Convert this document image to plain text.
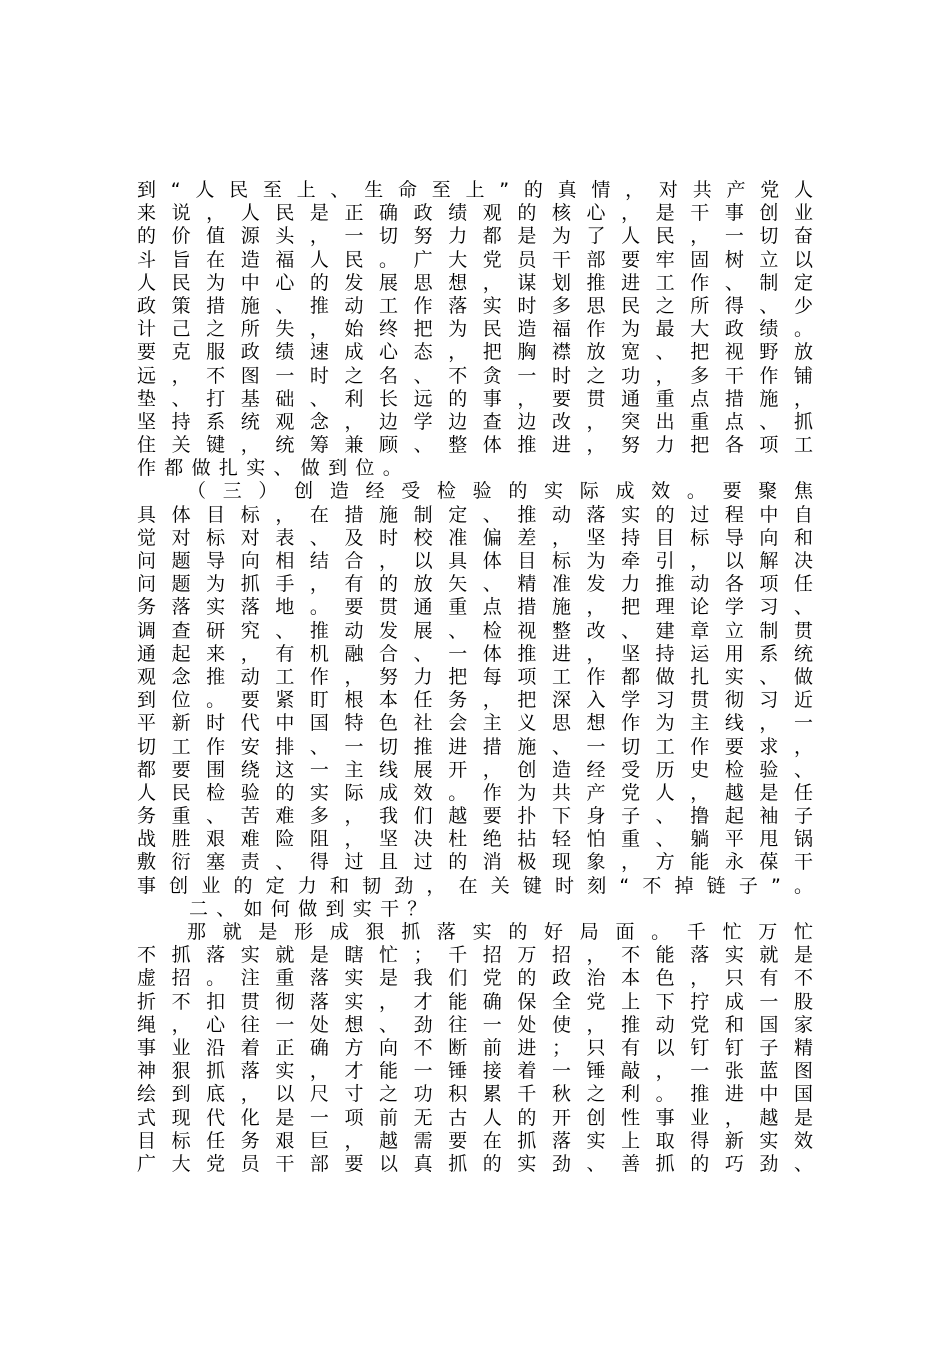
到“人民至上、生命至上”的真情，对共产党人
来说，人民是正确政绩观的核心，是干事创业
的价值源头，一切努力都是为了人民，一切奋
斗旨在造福人民。广大党员干部要牢固树立以
人民为中心的发展思想，谋划推进工作、制定
政策措施、推动工作落实时多思民之所得、少
计己之所失，始终把为民造福作为最大政绩。
要克服政绩速成心态，把胸襟放宽、把视野放
远，不图一时之名、不贪一时之功，多干作铺
垫、打基础、利长远的事，要贯通重点措施，
坚持系统观念，边学边查边改，突出重点、抓
住关键，统筹兼顾、整体推进，努力把各项工
作都做扎实、做到位。
（三）创造经受检验的实际成效。要聚焦
具体目标，在措施制定、推动落实的过程中自
觉对标对表、及时校准偏差，坚持目标导向和
问题导向相结合，以具体目标为牵引，以解决
问题为抓手，有的放矢、精准发力推动各项任
务落实落地。要贯通重点措施，把理论学习、
调查研究、推动发展、检视整改、建章立制贯
通起来，有机融合、一体推进，坚持运用系统
观念推动工作，努力把每项工作都做扎实、做
到位。要紧盯根本任务，把深入学习贯彻习近
平新时代中国特色社会主义思想作为主线，一
切工作安排、一切推进措施、一切工作要求，
都要围绕这一主线展开，创造经受历史检验、
人民检验的实际成效。作为共产党人，越是任
务重、苦难多，我们越要扑下身子、撸起袖子
战胜艰难险阻，坚决杜绝拈轻怕重、躺平甩锅
敷衍塞责、得过且过的消极现象，方能永葆干
事创业的定力和韧劲，在关键时刻“不掉链子”。
二、如何做到实干？
那就是形成狠抓落实的好局面。千忙万忙
不抓落实就是瞎忙；千招万招，不能落实就是
虚招。注重落实是我们党的政治本色，只有不
折不扣贯彻落实，才能确保全党上下拧成一股
绳，心往一处想、劲往一处使，推动党和国家
事业沿着正确方向不断前进；只有以钉钉子精
神狠抓落实，才能一锤接着一锤敲，一张蓝图
绘到底，以尺寸之功积累千秋之利。推进中国
式现代化是一项前无古人的开创性事业，越是
目标任务艰巨，越需要在抓落实上取得新实效
广大党员干部要以真抓的实劲、善抓的巧劲、
